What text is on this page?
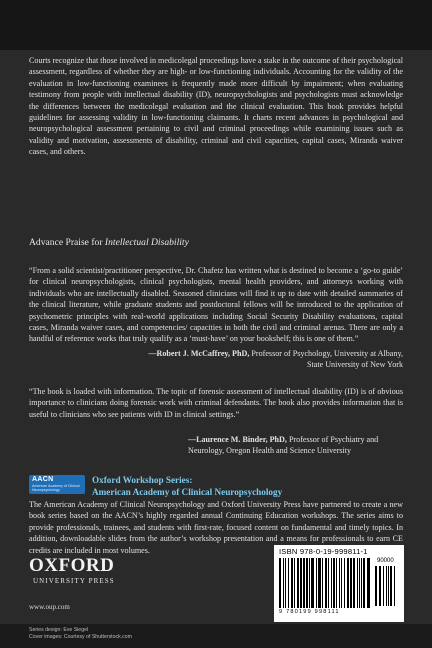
Courts recognize that those involved in medicolegal proceedings have a stake in the outcome of their psychological assessment, regardless of whether they are high- or low-functioning individuals. Accounting for the validity of the evaluation in low-functioning examinees is frequently made more difficult by impairment; when evaluating testimony from people with intellectual disability (ID), neuropsychologists and psychologists must acknowledge the differences between the medicolegal evaluation and the clinical evaluation. This book provides helpful guidelines for assessing validity in low-functioning claimants. It charts recent advances in psychological and neuropsychological assessment pertaining to civil and criminal proceedings while examining issues such as validity and motivation, assessments of disability, criminal and civil capacities, capital cases, Miranda waiver cases, and others.

Advance Praise for Intellectual Disability

“From a solid scientist/practitioner perspective, Dr. Chafetz has written what is destined to become a ‘go-to guide’ for clinical neuropsychologists, clinical psychologists, mental health providers, and attorneys working with individuals who are intellectually disabled. Seasoned clinicians will find it up to date with detailed summaries of the clinical literature, while graduate students and postdoctoral fellows will be introduced to the application of psychometric principles with real-world applications including Social Security Disability evaluations, capital cases, Miranda waiver cases, and competencies/ capacities in both the civil and criminal arenas. There are only a handful of reference works that truly qualify as a ‘must-have’ on your bookshelf; this is one of them.”

—Robert J. McCaffrey, PhD, Professor of Psychology, University at Albany, State University of New York

“The book is loaded with information. The topic of forensic assessment of intellectual disability (ID) is of obvious importance to clinicians doing forensic work with criminal defendants. The book also provides information that is useful to clinicians who see patients with ID in clinical settings.”

—Laurence M. Binder, PhD, Professor of Psychiatry and Neurology, Oregon Health and Science University

AACN
American Academy of Clinical Neuropsychology

Oxford Workshop Series:

American Academy of Clinical Neuropsychology

The American Academy of Clinical Neuropsychology and Oxford University Press have partnered to create a new book series based on the AACN’s highly regarded annual Continuing Education workshops. The series aims to provide professionals, trainees, and students with first-rate, focused content on fundamental and timely topics. In addition, downloadable slides from the author’s workshop presentation and a means for professionals to earn CE credits are included in most volumes.

OXFORD

UNIVERSITY PRESS

www.oup.com

ISBN 978-0-19-999811-1

9 780199 998111

90000

Series design: Eve Siegel

Cover images: Courtesy of Shutterstock.com
